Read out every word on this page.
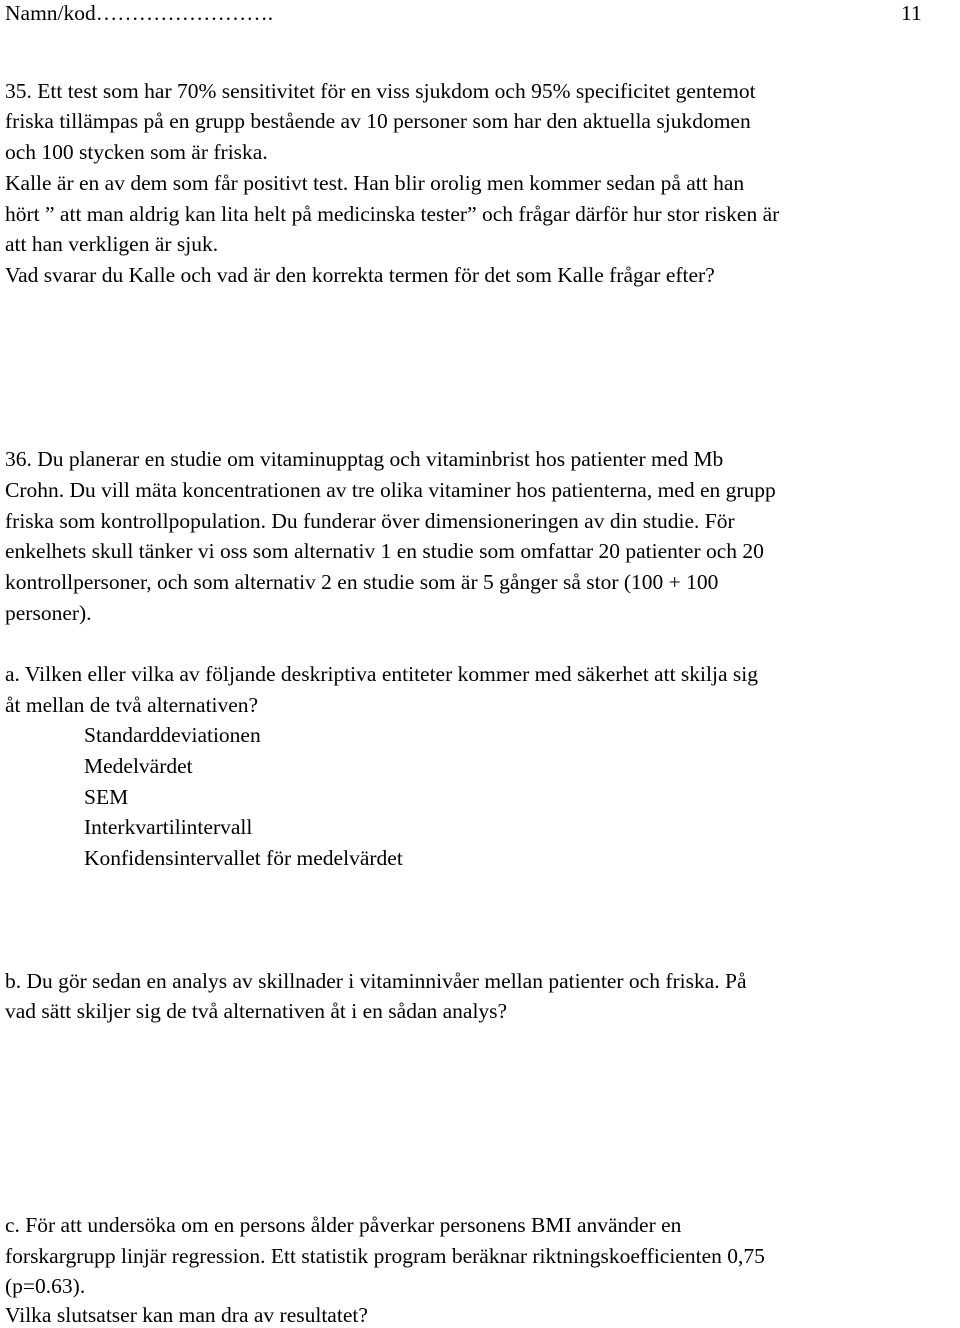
Namn/kod…………………….	11
35. Ett test som har 70% sensitivitet för en viss sjukdom och 95% specificitet gentemot
friska tillämpas på en grupp bestående av 10 personer som har den aktuella sjukdomen
och 100 stycken som är friska.
Kalle är en av dem som får positivt test. Han blir orolig men kommer sedan på att han
hört ” att man aldrig kan lita helt på medicinska tester” och frågar därför hur stor risken är
att han verkligen är sjuk.
Vad svarar du Kalle och vad är den korrekta termen för det som Kalle frågar efter?
36. Du planerar en studie om vitaminupptag och vitaminbrist hos patienter med Mb
Crohn. Du vill mäta koncentrationen av tre olika vitaminer hos patienterna, med en grupp
friska som kontrollpopulation. Du funderar över dimensioneringen av din studie. För
enkelhets skull tänker vi oss som alternativ 1 en studie som omfattar 20 patienter och 20
kontrollpersoner, och som alternativ 2 en studie som är 5 gånger så stor (100 + 100
personer).
a. Vilken eller vilka av följande deskriptiva entiteter kommer med säkerhet att skilja sig
åt mellan de två alternativen?
Standarddeviationen
Medelvärdet
SEM
Interkvartilintervall
Konfidensintervallet för medelvärdet
b. Du gör sedan en analys av skillnader i vitaminnivåer mellan patienter och friska. På
vad sätt skiljer sig de två alternativen åt i en sådan analys?
c. För att undersöka om en persons ålder påverkar personens BMI använder en
forskargrupp linjär regression. Ett statistik program beräknar riktningskoefficienten 0,75
(p=0.63).
Vilka slutsatser kan man dra av resultatet?
